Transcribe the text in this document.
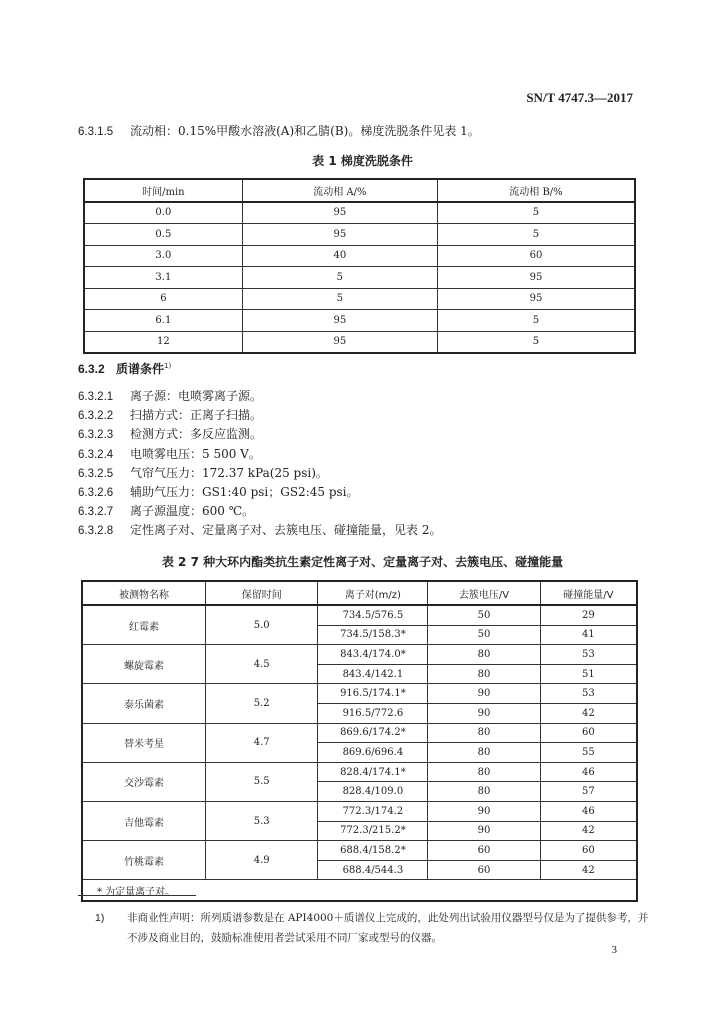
SN/T 4747.3—2017
6.3.1.5 流动相：0.15%甲酸水溶液(A)和乙腈(B)。梯度洗脱条件见表 1。
表 1 梯度洗脱条件
时间/min	流动相 A/%	流动相 B/%
0.0	95	5
0.5	95	5
3.0	40	60
3.1	5	95
6	5	95
6.1	95	5
12	95	5
6.3.2 质谱条件$^{1)}$
6.3.2.1 离子源：电喷雾离子源。
6.3.2.2 扫描方式：正离子扫描。
6.3.2.3 检测方式：多反应监测。
6.3.2.4 电喷雾电压：5 500 V。
6.3.2.5 气帘气压力：172.37 kPa(25 psi)。
6.3.2.6 辅助气压力：GS1:40 psi；GS2:45 psi。
6.3.2.7 离子源温度：600 ℃。
6.3.2.8 定性离子对、定量离子对、去簇电压、碰撞能量，见表 2。
表 2 7 种大环内酯类抗生素定性离子对、定量离子对、去簇电压、碰撞能量
被测物名称	保留时间	离子对(m/z)	去簇电压/V	碰撞能量/V
红霉素	5.0	734.5/576.5	50	29
		734.5/158.3*	50	41
螺旋霉素	4.5	843.4/174.0*	80	53
		843.4/142.1	80	51
泰乐菌素	5.2	916.5/174.1*	90	53
		916.5/772.6	90	42
替米考星	4.7	869.6/174.2*	80	60
		869.6/696.4	80	55
交沙霉素	5.5	828.4/174.1*	80	46
		828.4/109.0	80	57
吉他霉素	5.3	772.3/174.2	90	46
		772.3/215.2*	90	42
竹桃霉素	4.9	688.4/158.2*	60	60
		688.4/544.3	60	42
* 为定量离子对。				
1) 非商业性声明：所列质谱参数是在 API4000＋质谱仪上完成的，此处列出试验用仪器型号仅是为了提供参考，并不涉及商业目的，鼓励标准使用者尝试采用不同厂家或型号的仪器。
3
